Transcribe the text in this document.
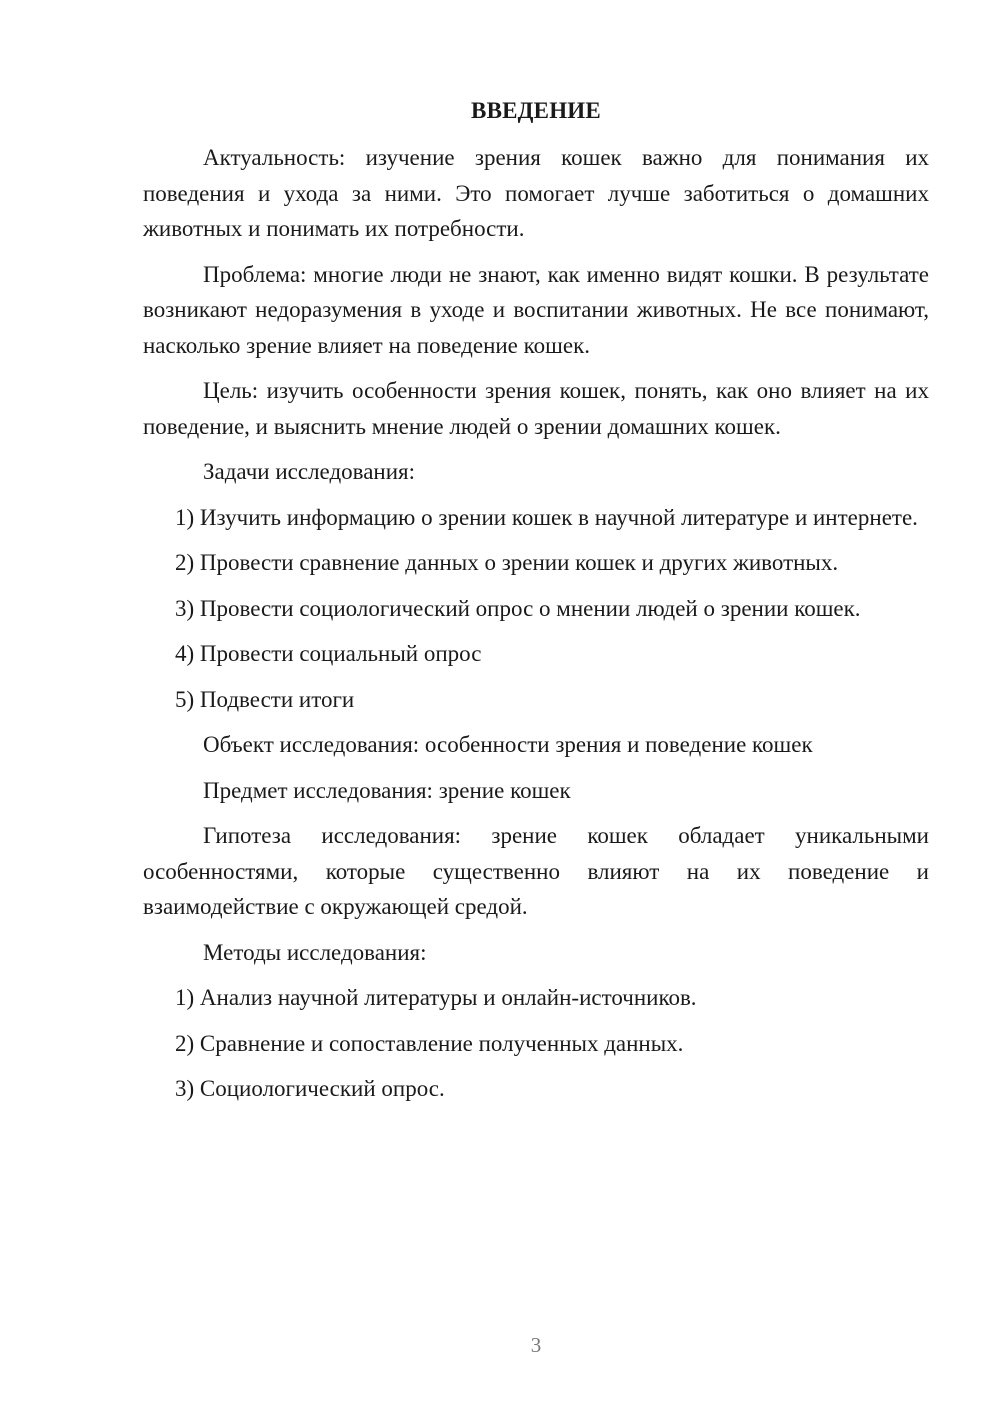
ВВЕДЕНИЕ
Актуальность: изучение зрения кошек важно для понимания их поведения и ухода за ними. Это помогает лучше заботиться о домашних животных и понимать их потребности.
Проблема: многие люди не знают, как именно видят кошки. В результате возникают недоразумения в уходе и воспитании животных. Не все понимают, насколько зрение влияет на поведение кошек.
Цель: изучить особенности зрения кошек, понять, как оно влияет на их поведение, и выяснить мнение людей о зрении домашних кошек.
Задачи исследования:
1) Изучить информацию о зрении кошек в научной литературе и интернете.
2) Провести сравнение данных о зрении кошек и других животных.
3) Провести социологический опрос о мнении людей о зрении кошек.
4) Провести социальный опрос
5) Подвести итоги
Объект исследования: особенности зрения и поведение кошек
Предмет исследования: зрение кошек
Гипотеза исследования: зрение кошек обладает уникальными особенностями, которые существенно влияют на их поведение и взаимодействие с окружающей средой.
Методы исследования:
1) Анализ научной литературы и онлайн-источников.
2) Сравнение и сопоставление полученных данных.
3) Социологический опрос.
3
